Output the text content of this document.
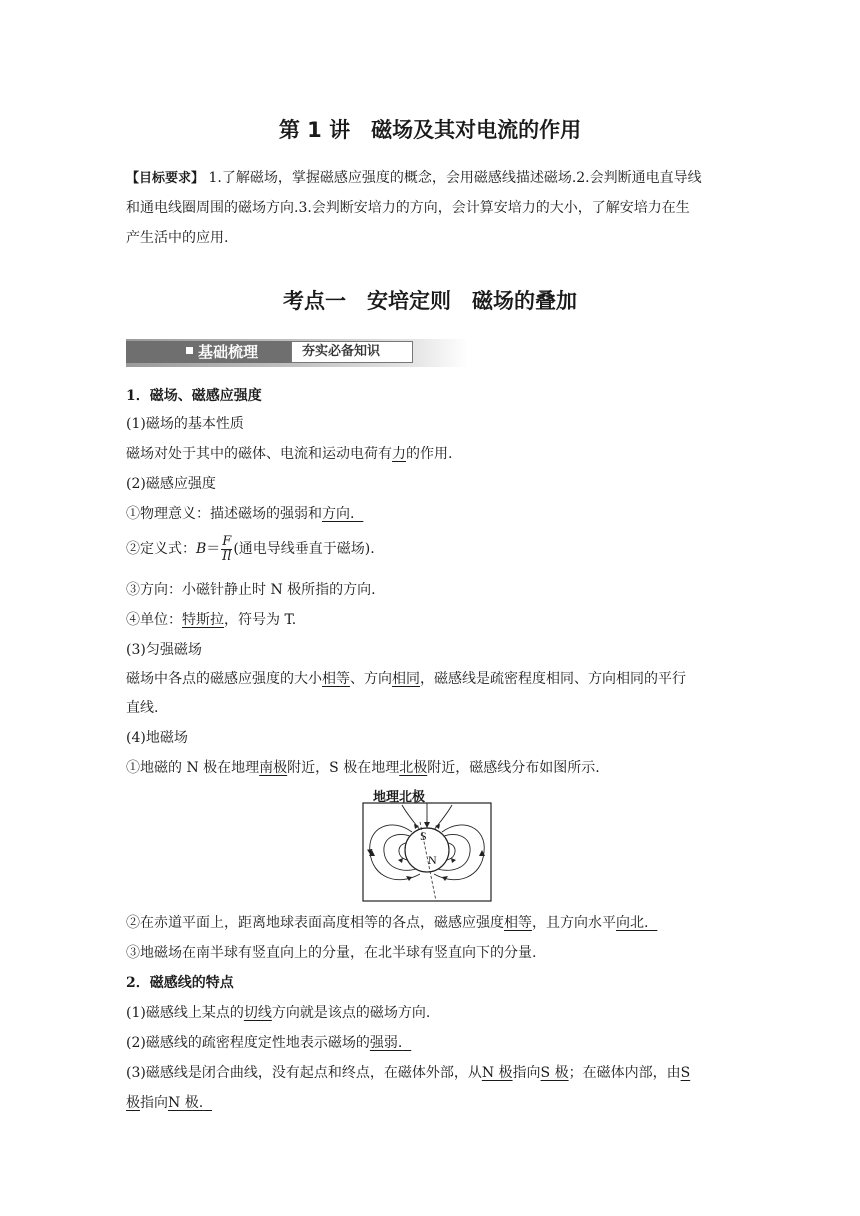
第 1 讲　磁场及其对电流的作用
【目标要求】 1.了解磁场，掌握磁感应强度的概念，会用磁感线描述磁场.2.会判断通电直导线
和通电线圈周围的磁场方向.3.会判断安培力的方向，会计算安培力的大小，了解安培力在生
产生活中的应用.
考点一　安培定则　磁场的叠加
基础梳理	夯实必备知识
1．磁场、磁感应强度
(1)磁场的基本性质
磁场对处于其中的磁体、电流和运动电荷有力的作用.
(2)磁感应强度
①物理意义：描述磁场的强弱和方向.
②定义式：$B= \frac{F}{Il}$ (通电导线垂直于磁场).
③方向：小磁针静止时 N 极所指的方向.
④单位：特斯拉，符号为 T.
(3)匀强磁场
磁场中各点的磁感应强度的大小相等、方向相同，磁感线是疏密程度相同、方向相同的平行
直线.
(4)地磁场
①地磁的 N 极在地理南极附近，S 极在地理北极附近，磁感线分布如图所示.
地理北极
S
N
②在赤道平面上，距离地球表面高度相等的各点，磁感应强度相等，且方向水平向北.
③地磁场在南半球有竖直向上的分量，在北半球有竖直向下的分量.
2．磁感线的特点
(1)磁感线上某点的切线方向就是该点的磁场方向.
(2)磁感线的疏密程度定性地表示磁场的强弱.
(3)磁感线是闭合曲线，没有起点和终点，在磁体外部，从N 极指向S 极；在磁体内部，由S
极指向N 极.
